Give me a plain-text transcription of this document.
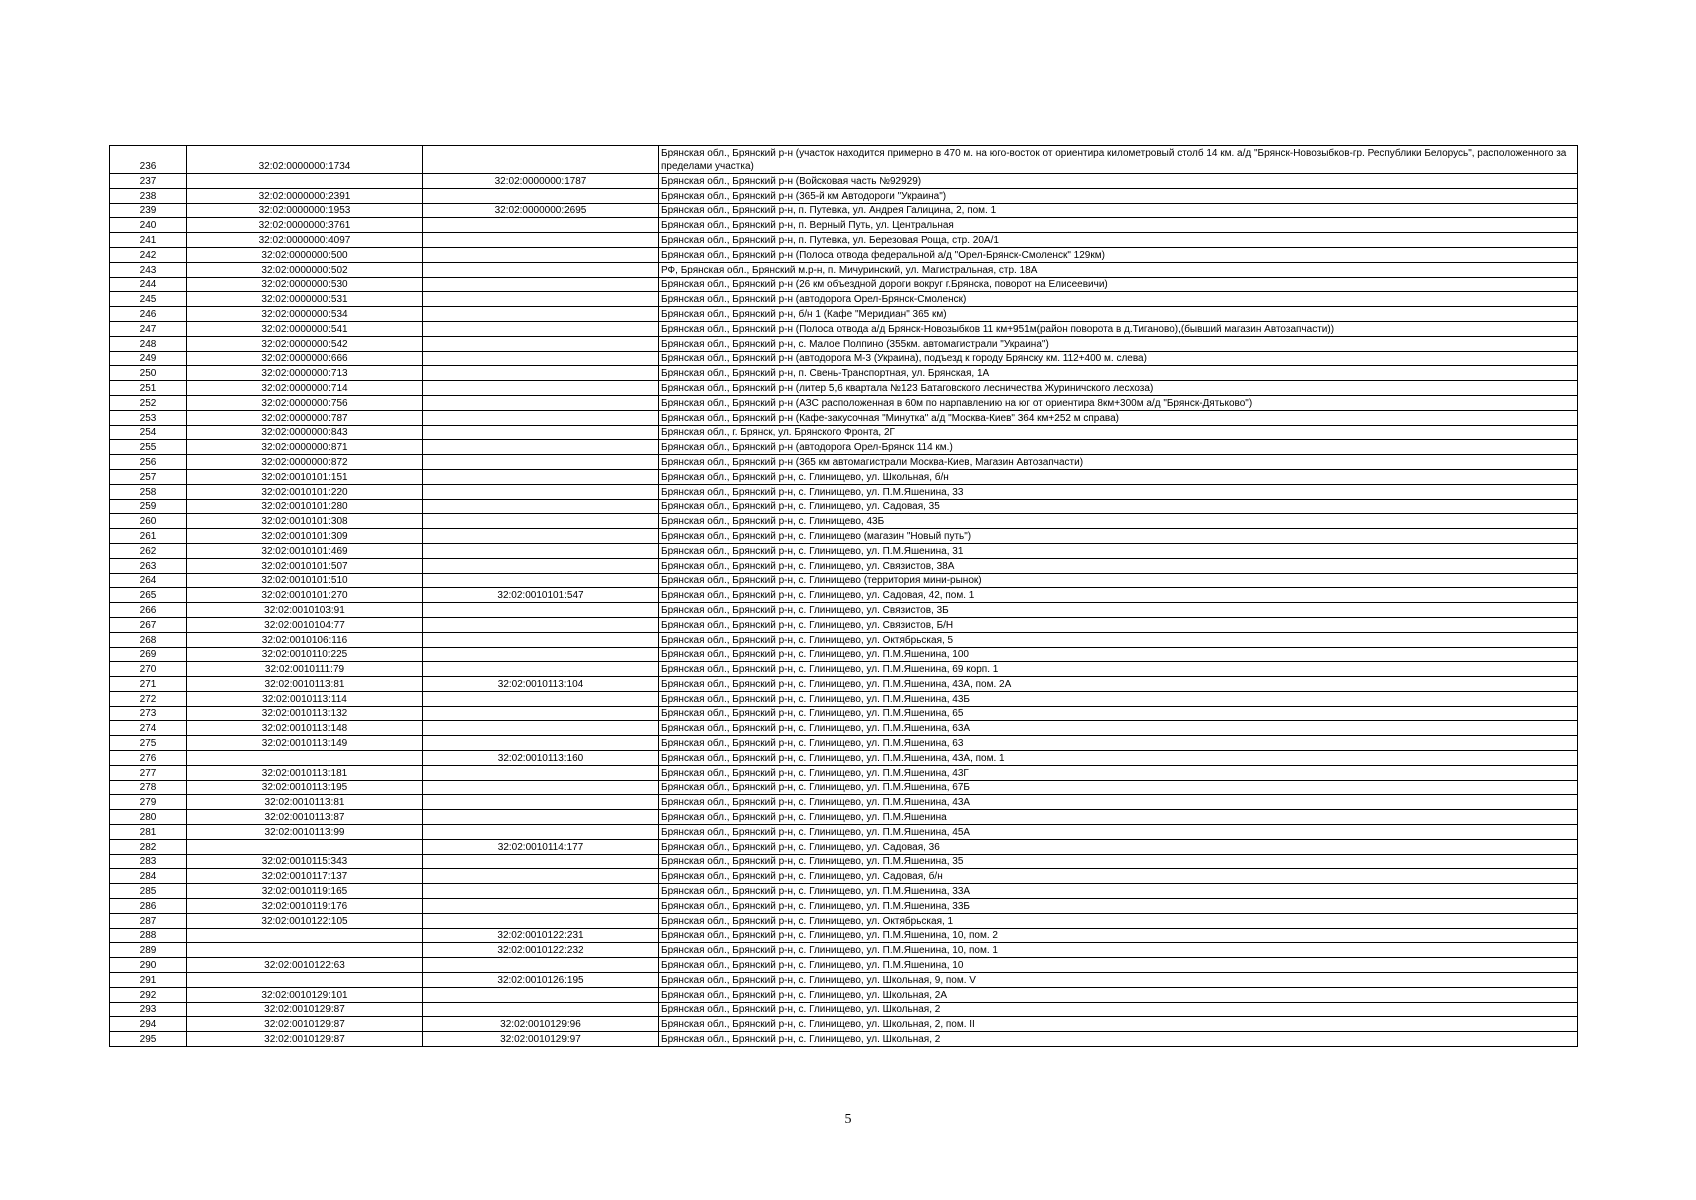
236	32:02:0000000:1734		Брянская обл., Брянский р-н (участок находится примерно в 470 м. на юго-восток от ориентира километровый столб 14 км. а/д "Брянск-Новозыбков-гр. Республики Белорусь", расположенного за пределами участка)
237		32:02:0000000:1787	Брянская обл., Брянский р-н (Войсковая часть №92929)
238	32:02:0000000:2391		Брянская обл., Брянский р-н (365-й км Автодороги "Украина")
239	32:02:0000000:1953	32:02:0000000:2695	Брянская обл., Брянский р-н, п. Путевка, ул. Андрея Галицина, 2, пом. 1
240	32:02:0000000:3761		Брянская обл., Брянский р-н, п. Верный Путь, ул. Центральная
241	32:02:0000000:4097		Брянская обл., Брянский р-н, п. Путевка, ул. Березовая Роща, стр. 20А/1
242	32:02:0000000:500		Брянская обл., Брянский р-н (Полоса отвода федеральной а/д "Орел-Брянск-Смоленск" 129км)
243	32:02:0000000:502		РФ, Брянская обл., Брянский м.р-н, п. Мичуринский, ул. Магистральная, стр. 18А
244	32:02:0000000:530		Брянская обл., Брянский р-н (26 км объездной дороги вокруг г.Брянска, поворот на Елисеевичи)
245	32:02:0000000:531		Брянская обл., Брянский р-н (автодорога Орел-Брянск-Смоленск)
246	32:02:0000000:534		Брянская обл., Брянский р-н, б/н 1 (Кафе "Меридиан" 365 км)
247	32:02:0000000:541		Брянская обл., Брянский р-н (Полоса отвода а/д Брянск-Новозыбков 11 км+951м(район поворота в д.Тиганово),(бывший магазин Автозапчасти))
248	32:02:0000000:542		Брянская обл., Брянский р-н, с. Малое Полпино (355км. автомагистрали "Украина")
249	32:02:0000000:666		Брянская обл., Брянский р-н (автодорога М-3 (Украина), подъезд к городу Брянску км. 112+400 м. слева)
250	32:02:0000000:713		Брянская обл., Брянский р-н, п. Свень-Транспортная, ул. Брянская, 1А
251	32:02:0000000:714		Брянская обл., Брянский р-н (литер 5,6 квартала №123 Батаговского лесничества Журиничского лесхоза)
252	32:02:0000000:756		Брянская обл., Брянский р-н (АЗС расположенная в 60м по нарпавлению на юг от ориентира 8км+300м а/д "Брянск-Дятьково")
253	32:02:0000000:787		Брянская обл., Брянский р-н (Кафе-закусочная "Минутка" а/д "Москва-Киев" 364 км+252 м справа)
254	32:02:0000000:843		Брянская обл., г. Брянск, ул. Брянского Фронта, 2Г
255	32:02:0000000:871		Брянская обл., Брянский р-н (автодорога Орел-Брянск 114 км.)
256	32:02:0000000:872		Брянская обл., Брянский р-н (365 км автомагистрали Москва-Киев, Магазин Автозапчасти)
257	32:02:0010101:151		Брянская обл., Брянский р-н, с. Глинищево, ул. Школьная, б/н
258	32:02:0010101:220		Брянская обл., Брянский р-н, с. Глинищево, ул. П.М.Яшенина, 33
259	32:02:0010101:280		Брянская обл., Брянский р-н, с. Глинищево, ул. Садовая, 35
260	32:02:0010101:308		Брянская обл., Брянский р-н, с. Глинищево, 43Б
261	32:02:0010101:309		Брянская обл., Брянский р-н, с. Глинищево (магазин "Новый путь")
262	32:02:0010101:469		Брянская обл., Брянский р-н, с. Глинищево, ул. П.М.Яшенина, 31
263	32:02:0010101:507		Брянская обл., Брянский р-н, с. Глинищево, ул. Связистов, 38А
264	32:02:0010101:510		Брянская обл., Брянский р-н, с. Глинищево (территория мини-рынок)
265	32:02:0010101:270	32:02:0010101:547	Брянская обл., Брянский р-н, с. Глинищево, ул. Садовая, 42, пом. 1
266	32:02:0010103:91		Брянская обл., Брянский р-н, с. Глинищево, ул. Связистов, 3Б
267	32:02:0010104:77		Брянская обл., Брянский р-н, с. Глинищево, ул. Связистов, Б/Н
268	32:02:0010106:116		Брянская обл., Брянский р-н, с. Глинищево, ул. Октябрьская, 5
269	32:02:0010110:225		Брянская обл., Брянский р-н, с. Глинищево, ул. П.М.Яшенина, 100
270	32:02:0010111:79		Брянская обл., Брянский р-н, с. Глинищево, ул. П.М.Яшенина, 69 корп. 1
271	32:02:0010113:81	32:02:0010113:104	Брянская обл., Брянский р-н, с. Глинищево, ул. П.М.Яшенина, 43А, пом. 2А
272	32:02:0010113:114		Брянская обл., Брянский р-н, с. Глинищево, ул. П.М.Яшенина, 43Б
273	32:02:0010113:132		Брянская обл., Брянский р-н, с. Глинищево, ул. П.М.Яшенина, 65
274	32:02:0010113:148		Брянская обл., Брянский р-н, с. Глинищево, ул. П.М.Яшенина, 63А
275	32:02:0010113:149		Брянская обл., Брянский р-н, с. Глинищево, ул. П.М.Яшенина, 63
276		32:02:0010113:160	Брянская обл., Брянский р-н, с. Глинищево, ул. П.М.Яшенина, 43А, пом. 1
277	32:02:0010113:181		Брянская обл., Брянский р-н, с. Глинищево, ул. П.М.Яшенина, 43Г
278	32:02:0010113:195		Брянская обл., Брянский р-н, с. Глинищево, ул. П.М.Яшенина, 67Б
279	32:02:0010113:81		Брянская обл., Брянский р-н, с. Глинищево, ул. П.М.Яшенина, 43А
280	32:02:0010113:87		Брянская обл., Брянский р-н, с. Глинищево, ул. П.М.Яшенина
281	32:02:0010113:99		Брянская обл., Брянский р-н, с. Глинищево, ул. П.М.Яшенина, 45А
282		32:02:0010114:177	Брянская обл., Брянский р-н, с. Глинищево, ул. Садовая, 36
283	32:02:0010115:343		Брянская обл., Брянский р-н, с. Глинищево, ул. П.М.Яшенина, 35
284	32:02:0010117:137		Брянская обл., Брянский р-н, с. Глинищево, ул. Садовая, б/н
285	32:02:0010119:165		Брянская обл., Брянский р-н, с. Глинищево, ул. П.М.Яшенина, 33А
286	32:02:0010119:176		Брянская обл., Брянский р-н, с. Глинищево, ул. П.М.Яшенина, 33Б
287	32:02:0010122:105		Брянская обл., Брянский р-н, с. Глинищево, ул. Октябрьская, 1
288		32:02:0010122:231	Брянская обл., Брянский р-н, с. Глинищево, ул. П.М.Яшенина, 10, пом. 2
289		32:02:0010122:232	Брянская обл., Брянский р-н, с. Глинищево, ул. П.М.Яшенина, 10, пом. 1
290	32:02:0010122:63		Брянская обл., Брянский р-н, с. Глинищево, ул. П.М.Яшенина, 10
291		32:02:0010126:195	Брянская обл., Брянский р-н, с. Глинищево, ул. Школьная, 9, пом. V
292	32:02:0010129:101		Брянская обл., Брянский р-н, с. Глинищево, ул. Школьная, 2А
293	32:02:0010129:87		Брянская обл., Брянский р-н, с. Глинищево, ул. Школьная, 2
294	32:02:0010129:87	32:02:0010129:96	Брянская обл., Брянский р-н, с. Глинищево, ул. Школьная, 2, пом. II
295	32:02:0010129:87	32:02:0010129:97	Брянская обл., Брянский р-н, с. Глинищево, ул. Школьная, 2
5
